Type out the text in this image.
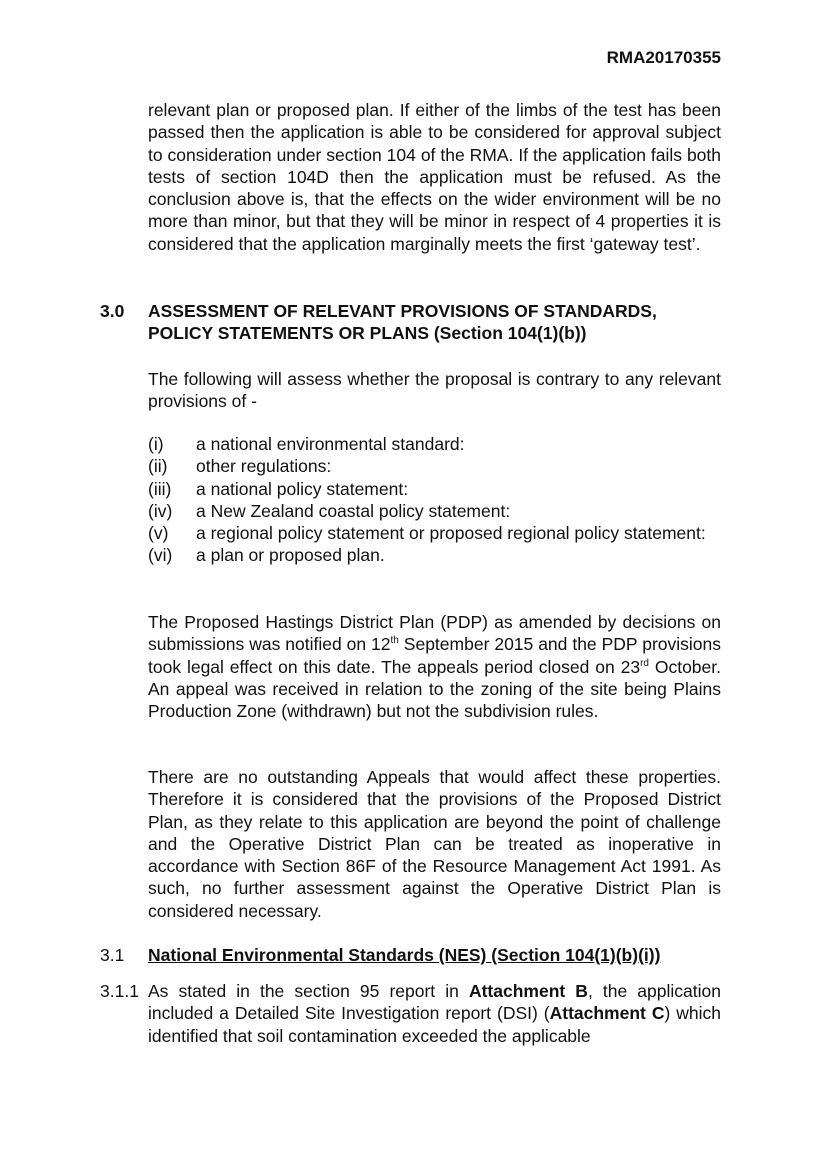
RMA20170355
relevant plan or proposed plan. If either of the limbs of the test has been passed then the application is able to be considered for approval subject to consideration under section 104 of the RMA. If the application fails both tests of section 104D then the application must be refused. As the conclusion above is, that the effects on the wider environment will be no more than minor, but that they will be minor in respect of 4 properties it is considered that the application marginally meets the first ‘gateway test’.
3.0 ASSESSMENT OF RELEVANT PROVISIONS OF STANDARDS, POLICY STATEMENTS OR PLANS (Section 104(1)(b))
The following will assess whether the proposal is contrary to any relevant provisions of -
(i)	a national environmental standard:
(ii)	other regulations:
(iii)	a national policy statement:
(iv)	a New Zealand coastal policy statement:
(v)	a regional policy statement or proposed regional policy statement:
(vi)	a plan or proposed plan.
The Proposed Hastings District Plan (PDP) as amended by decisions on submissions was notified on 12th September 2015 and the PDP provisions took legal effect on this date. The appeals period closed on 23rd October. An appeal was received in relation to the zoning of the site being Plains Production Zone (withdrawn) but not the subdivision rules.
There are no outstanding Appeals that would affect these properties. Therefore it is considered that the provisions of the Proposed District Plan, as they relate to this application are beyond the point of challenge and the Operative District Plan can be treated as inoperative in accordance with Section 86F of the Resource Management Act 1991. As such, no further assessment against the Operative District Plan is considered necessary.
3.1 National Environmental Standards (NES) (Section 104(1)(b)(i))
3.1.1 As stated in the section 95 report in Attachment B, the application included a Detailed Site Investigation report (DSI) (Attachment C) which identified that soil contamination exceeded the applicable
